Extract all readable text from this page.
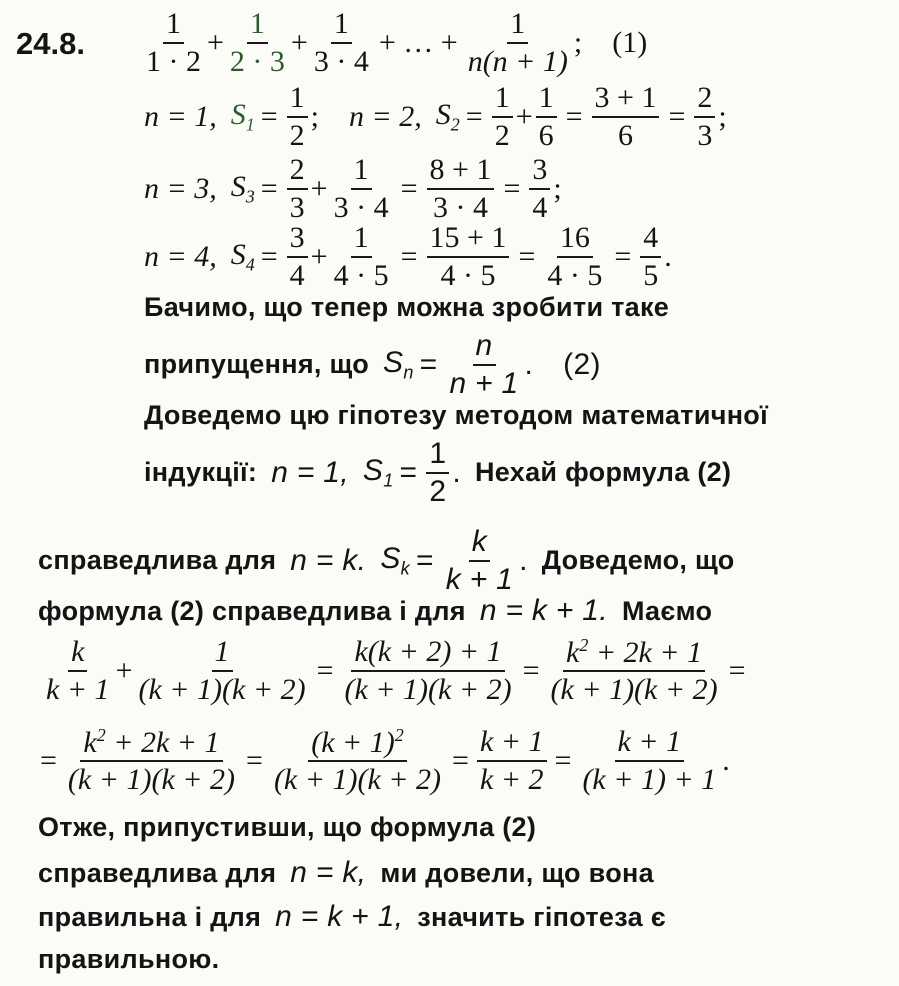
24.8. $\frac{1}{1 \cdot 2} + \frac{1}{2 \cdot 3} + \frac{1}{3 \cdot 4}$ + … + $\frac{1}{n(n + 1)}$ ; (1)
n = 1, $S_1 = \frac{1}{2}$ ; n = 2, $S_2 = \frac{1}{2} + \frac{1}{6} = \frac{3 + 1}{6} = \frac{2}{3}$ ;
n = 3, $S_3 = \frac{2}{3} + \frac{1}{3 \cdot 4} = \frac{8 + 1}{3 \cdot 4} = \frac{3}{4}$ ;
n = 4, $S_4 = \frac{3}{4} + \frac{1}{4 \cdot 5} = \frac{15 + 1}{4 \cdot 5} = \frac{16}{4 \cdot 5} = \frac{4}{5}$ .
Бачимо, що тепер можна зробити таке
припущення, що $S_n = \frac{n}{n + 1}$ . (2)
Доведемо цю гіпотезу методом математичної
індукції: n = 1, $S_1 = \frac{1}{2}$ . Нехай формула (2)
справедлива для n = k. $S_k = \frac{k}{k + 1}$ . Доведемо, що
формула (2) справедлива і для n = k + 1. Маємо
$\frac{k}{k + 1} + \frac{1}{(k + 1)(k + 2)} = \frac{k(k + 2) + 1}{(k + 1)(k + 2)} = \frac{k^2 + 2k + 1}{(k + 1)(k + 2)}$ =
= $\frac{k^2 + 2k + 1}{(k + 1)(k + 2)} = \frac{(k + 1)^2}{(k + 1)(k + 2)} = \frac{k + 1}{k + 2} = \frac{k + 1}{(k + 1) + 1}$ .
Отже, припустивши, що формула (2)
справедлива для n = k, ми довели, що вона
правильна і для n = k + 1, значить гіпотеза є
правильною.
